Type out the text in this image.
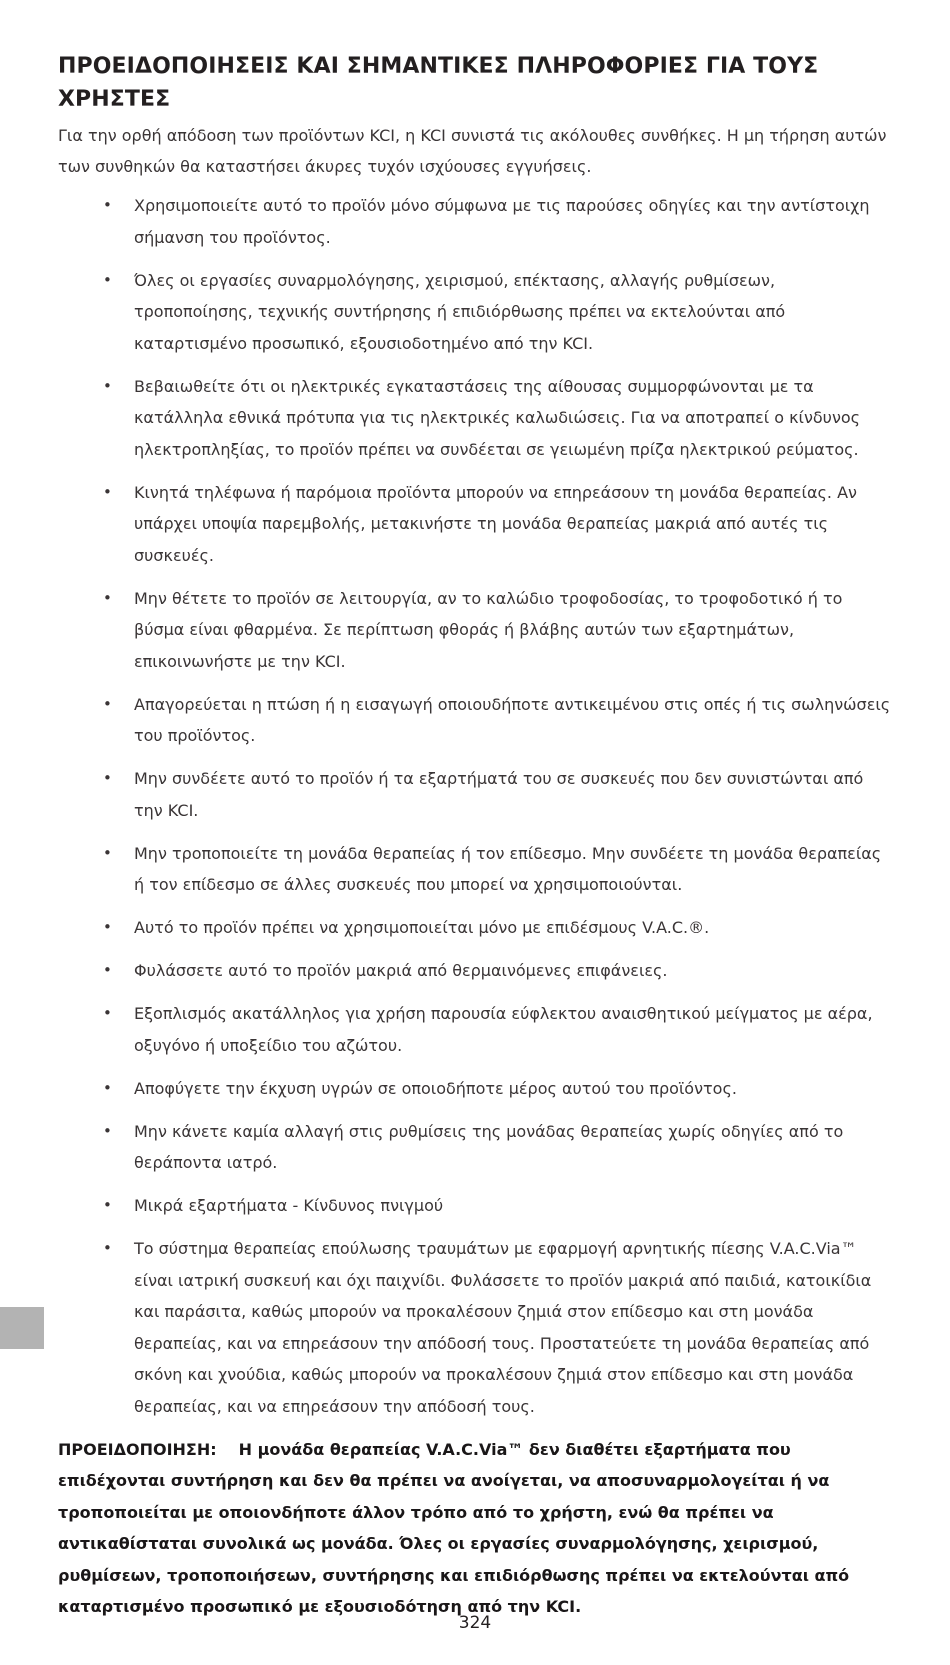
ΠΡΟΕΙΔΟΠΟΙΗΣΕΙΣ ΚΑΙ ΣΗΜΑΝΤΙΚΕΣ ΠΛΗΡΟΦΟΡΙΕΣ ΓΙΑ ΤΟΥΣ ΧΡΗΣΤΕΣ

Για την ορθή απόδοση των προϊόντων KCI, η KCI συνιστά τις ακόλουθες συνθήκες. Η μη τήρηση αυτών των συνθηκών θα καταστήσει άκυρες τυχόν ισχύουσες εγγυήσεις.

• Χρησιμοποιείτε αυτό το προϊόν μόνο σύμφωνα με τις παρούσες οδηγίες και την αντίστοιχη σήμανση του προϊόντος.
• Όλες οι εργασίες συναρμολόγησης, χειρισμού, επέκτασης, αλλαγής ρυθμίσεων, τροποποίησης, τεχνικής συντήρησης ή επιδιόρθωσης πρέπει να εκτελούνται από καταρτισμένο προσωπικό, εξουσιοδοτημένο από την KCI.
• Βεβαιωθείτε ότι οι ηλεκτρικές εγκαταστάσεις της αίθουσας συμμορφώνονται με τα κατάλληλα εθνικά πρότυπα για τις ηλεκτρικές καλωδιώσεις. Για να αποτραπεί ο κίνδυνος ηλεκτροπληξίας, το προϊόν πρέπει να συνδέεται σε γειωμένη πρίζα ηλεκτρικού ρεύματος.
• Κινητά τηλέφωνα ή παρόμοια προϊόντα μπορούν να επηρεάσουν τη μονάδα θεραπείας. Αν υπάρχει υποψία παρεμβολής, μετακινήστε τη μονάδα θεραπείας μακριά από αυτές τις συσκευές.
• Μην θέτετε το προϊόν σε λειτουργία, αν το καλώδιο τροφοδοσίας, το τροφοδοτικό ή το βύσμα είναι φθαρμένα. Σε περίπτωση φθοράς ή βλάβης αυτών των εξαρτημάτων, επικοινωνήστε με την KCI.
• Απαγορεύεται η πτώση ή η εισαγωγή οποιουδήποτε αντικειμένου στις οπές ή τις σωληνώσεις του προϊόντος.
• Μην συνδέετε αυτό το προϊόν ή τα εξαρτήματά του σε συσκευές που δεν συνιστώνται από την KCI.
• Μην τροποποιείτε τη μονάδα θεραπείας ή τον επίδεσμο. Μην συνδέετε τη μονάδα θεραπείας ή τον επίδεσμο σε άλλες συσκευές που μπορεί να χρησιμοποιούνται.
• Αυτό το προϊόν πρέπει να χρησιμοποιείται μόνο με επιδέσμους V.A.C.®.
• Φυλάσσετε αυτό το προϊόν μακριά από θερμαινόμενες επιφάνειες.
• Εξοπλισμός ακατάλληλος για χρήση παρουσία εύφλεκτου αναισθητικού μείγματος με αέρα, οξυγόνο ή υποξείδιο του αζώτου.
• Αποφύγετε την έκχυση υγρών σε οποιοδήποτε μέρος αυτού του προϊόντος.
• Μην κάνετε καμία αλλαγή στις ρυθμίσεις της μονάδας θεραπείας χωρίς οδηγίες από το θεράποντα ιατρό.
• Μικρά εξαρτήματα - Κίνδυνος πνιγμού
• Το σύστημα θεραπείας επούλωσης τραυμάτων με εφαρμογή αρνητικής πίεσης V.A.C.Via™ είναι ιατρική συσκευή και όχι παιχνίδι. Φυλάσσετε το προϊόν μακριά από παιδιά, κατοικίδια και παράσιτα, καθώς μπορούν να προκαλέσουν ζημιά στον επίδεσμο και στη μονάδα θεραπείας, και να επηρεάσουν την απόδοσή τους. Προστατεύετε τη μονάδα θεραπείας από σκόνη και χνούδια, καθώς μπορούν να προκαλέσουν ζημιά στον επίδεσμο και στη μονάδα θεραπείας, και να επηρεάσουν την απόδοσή τους.

ΠΡΟΕΙΔΟΠΟΙΗΣΗ: Η μονάδα θεραπείας V.A.C.Via™ δεν διαθέτει εξαρτήματα που επιδέχονται συντήρηση και δεν θα πρέπει να ανοίγεται, να αποσυναρμολογείται ή να τροποποιείται με οποιονδήποτε άλλον τρόπο από το χρήστη, ενώ θα πρέπει να αντικαθίσταται συνολικά ως μονάδα. Όλες οι εργασίες συναρμολόγησης, χειρισμού, ρυθμίσεων, τροποποιήσεων, συντήρησης και επιδιόρθωσης πρέπει να εκτελούνται από καταρτισμένο προσωπικό με εξουσιοδότηση από την KCI.

324
